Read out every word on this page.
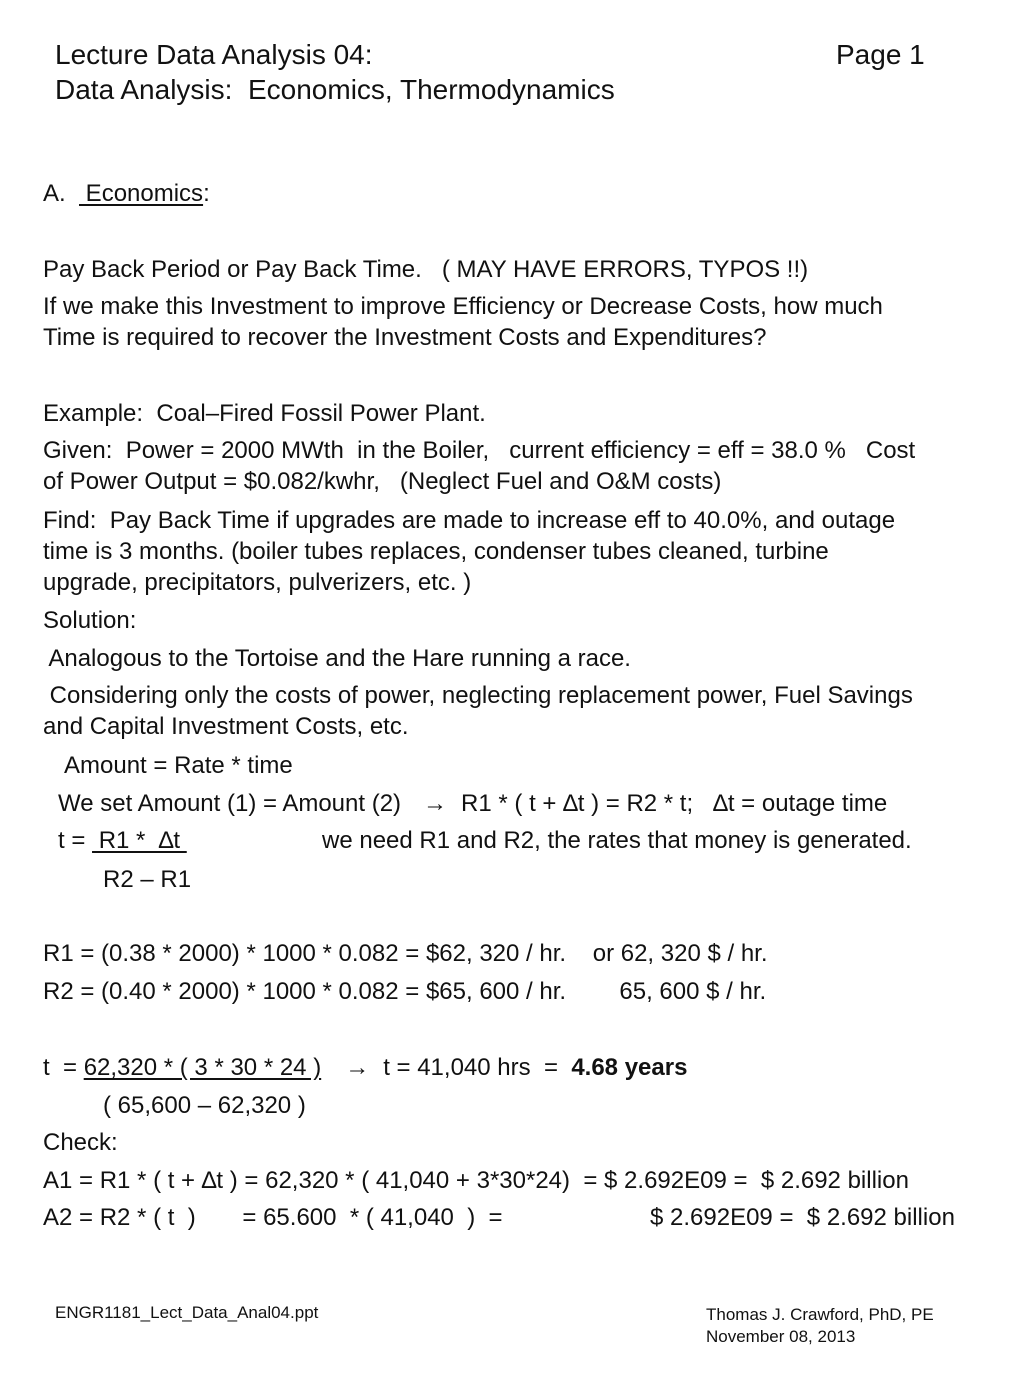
Lecture Data Analysis 04:	Page 1
Data Analysis:  Economics, Thermodynamics
A.   Economics:
Pay Back Period or Pay Back Time.   ( MAY HAVE ERRORS, TYPOS !!)
If we make this Investment to improve Efficiency or Decrease Costs, how much
Time is required to recover the Investment Costs and Expenditures?
Example:  Coal–Fired Fossil Power Plant.
Given:  Power = 2000 MWth  in the Boiler,   current efficiency = eff = 38.0 %   Cost
of Power Output = $0.082/kwhr,   (Neglect Fuel and O&M costs)
Find:  Pay Back Time if upgrades are made to increase eff to 40.0%, and outage
time is 3 months. (boiler tubes replaces, condenser tubes cleaned, turbine
upgrade, precipitators, pulverizers, etc. )
Solution:
Analogous to the Tortoise and the Hare running a race.
Considering only the costs of power, neglecting replacement power, Fuel Savings
and Capital Investment Costs, etc.
Amount = Rate * time
We set Amount (1) = Amount (2) → R1 * ( t + ∆t ) = R2 * t;   ∆t = outage time
t =  R1 *  ∆t	we need R1 and R2, the rates that money is generated.
R2 – R1
R1 = (0.38 * 2000) * 1000 * 0.082 = $62, 320 / hr.    or 62, 320 $ / hr.
R2 = (0.40 * 2000) * 1000 * 0.082 = $65, 600 / hr.        65, 600 $ / hr.
t  = 62,320 * ( 3 * 30 * 24 ) → t = 41,040 hrs  =  4.68 years
( 65,600 – 62,320 )
Check:
A1 = R1 * ( t + ∆t ) = 62,320 * ( 41,040 + 3*30*24)  = $ 2.692E09 =  $ 2.692 billion
A2 = R2 * ( t  )       = 65.600  * ( 41,040  )  =	$ 2.692E09 =  $ 2.692 billion
ENGR1181_Lect_Data_Anal04.ppt	Thomas J. Crawford, PhD, PE
November 08, 2013
